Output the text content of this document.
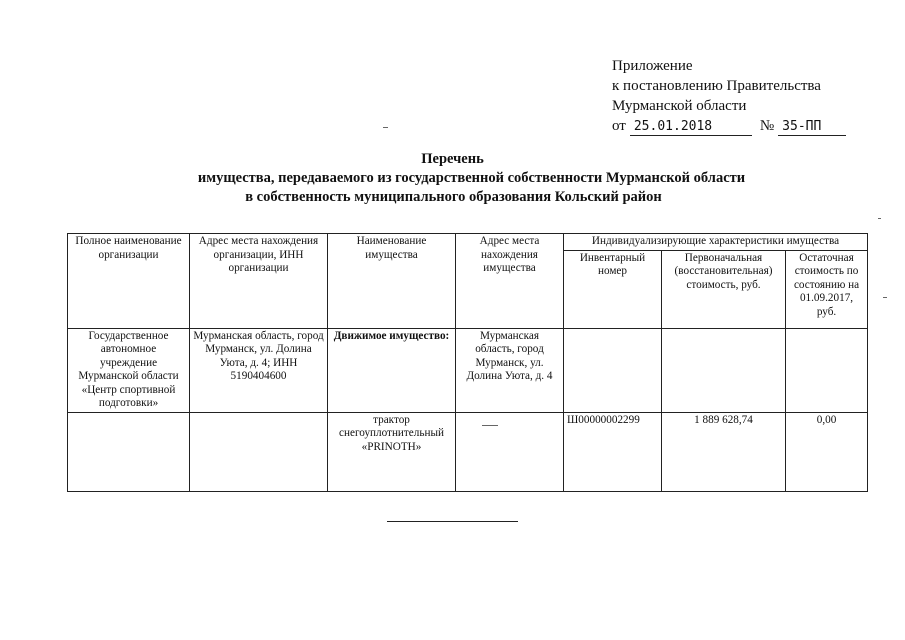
Приложение
к постановлению Правительства
Мурманской области
от 25.01.2018	№ 35-ПП
Перечень
имущества, передаваемого из государственной собственности Мурманской области
в собственность муниципального образования Кольский район
Полное наименование организации	Адрес места нахождения организации, ИНН организации	Наименование имущества	Адрес места нахождения имущества	Индивидуализирующие характеристики имущества		
				Инвентарный номер	Первоначальная (восстановительная) стоимость, руб.	Остаточная стоимость по состоянию на 01.09.2017, руб.
Государственное автономное учреждение Мурманской области «Центр спортивной подготовки»	Мурманская область, город Мурманск, ул. Долина Уюта, д. 4; ИНН 5190404600	Движимое имущество:	Мурманская область, город Мурманск, ул. Долина Уюта, д. 4			
		трактор снегоуплотнительный «PRINOTH»		Ш00000002299	1 889 628,74	0,00
